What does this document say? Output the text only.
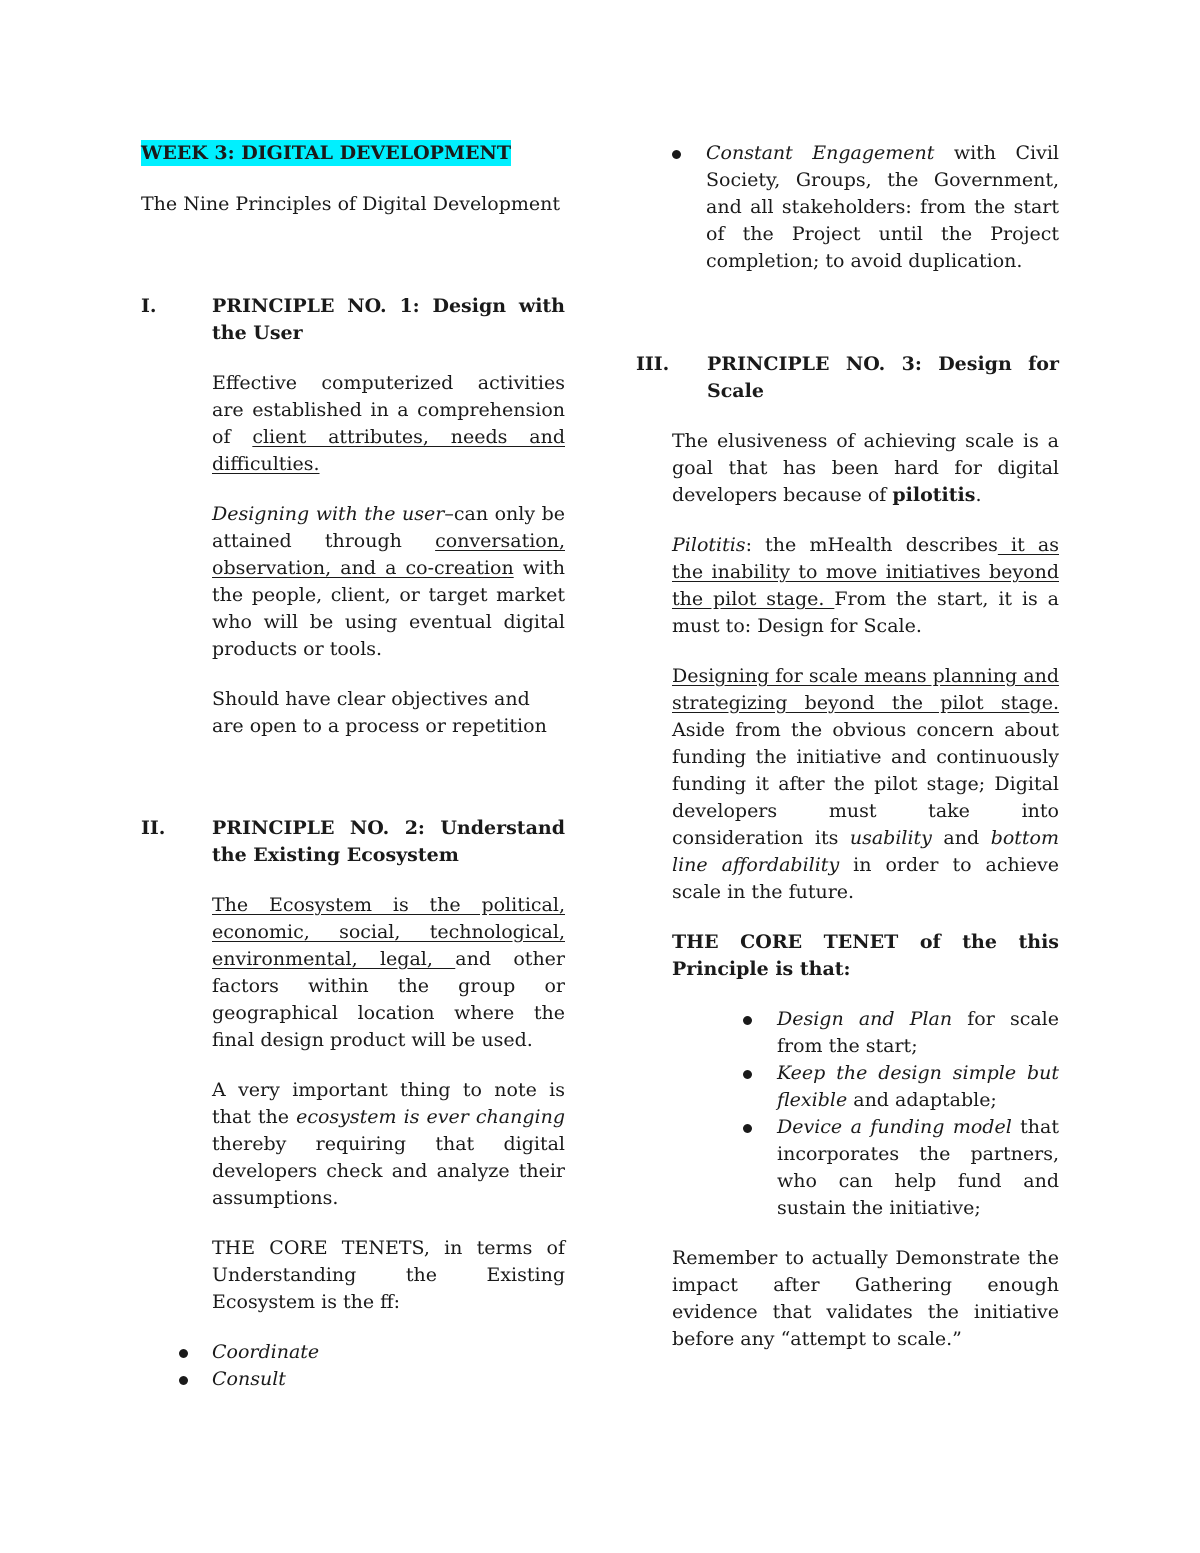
WEEK 3: DIGITAL DEVELOPMENT

The Nine Principles of Digital Development

I.	PRINCIPLE NO. 1: Design with the User

Effective computerized activities are established in a comprehension of client attributes, needs and difficulties.

Designing with the user–can only be attained through conversation, observation, and a co-creation with the people, client, or target market who will be using eventual digital products or tools.

Should have clear objectives and are open to a process or repetition

II.	PRINCIPLE NO. 2: Understand the Existing Ecosystem

The Ecosystem is the political, economic, social, technological, environmental, legal, and other factors within the group or geographical location where the final design product will be used.

A very important thing to note is that the ecosystem is ever changing thereby requiring that digital developers check and analyze their assumptions.

THE CORE TENETS, in terms of Understanding the Existing Ecosystem is the ff:

Coordinate
Consult
Constant Engagement with Civil Society, Groups, the Government, and all stakeholders: from the start of the Project until the Project completion; to avoid duplication.
III.	PRINCIPLE NO. 3: Design for Scale

The elusiveness of achieving scale is a goal that has been hard for digital developers because of pilotitis.

Pilotitis: the mHealth describes it as the inability to move initiatives beyond the pilot stage. From the start, it is a must to: Design for Scale.

Designing for scale means planning and strategizing beyond the pilot stage. Aside from the obvious concern about funding the initiative and continuously funding it after the pilot stage; Digital developers must take into consideration its usability and bottom line affordability in order to achieve scale in the future.

THE CORE TENET of the this Principle is that:

Design and Plan for scale from the start;
Keep the design simple but flexible and adaptable;
Device a funding model that incorporates the partners, who can help fund and sustain the initiative;

Remember to actually Demonstrate the impact after Gathering enough evidence that validates the initiative before any “attempt to scale.”
